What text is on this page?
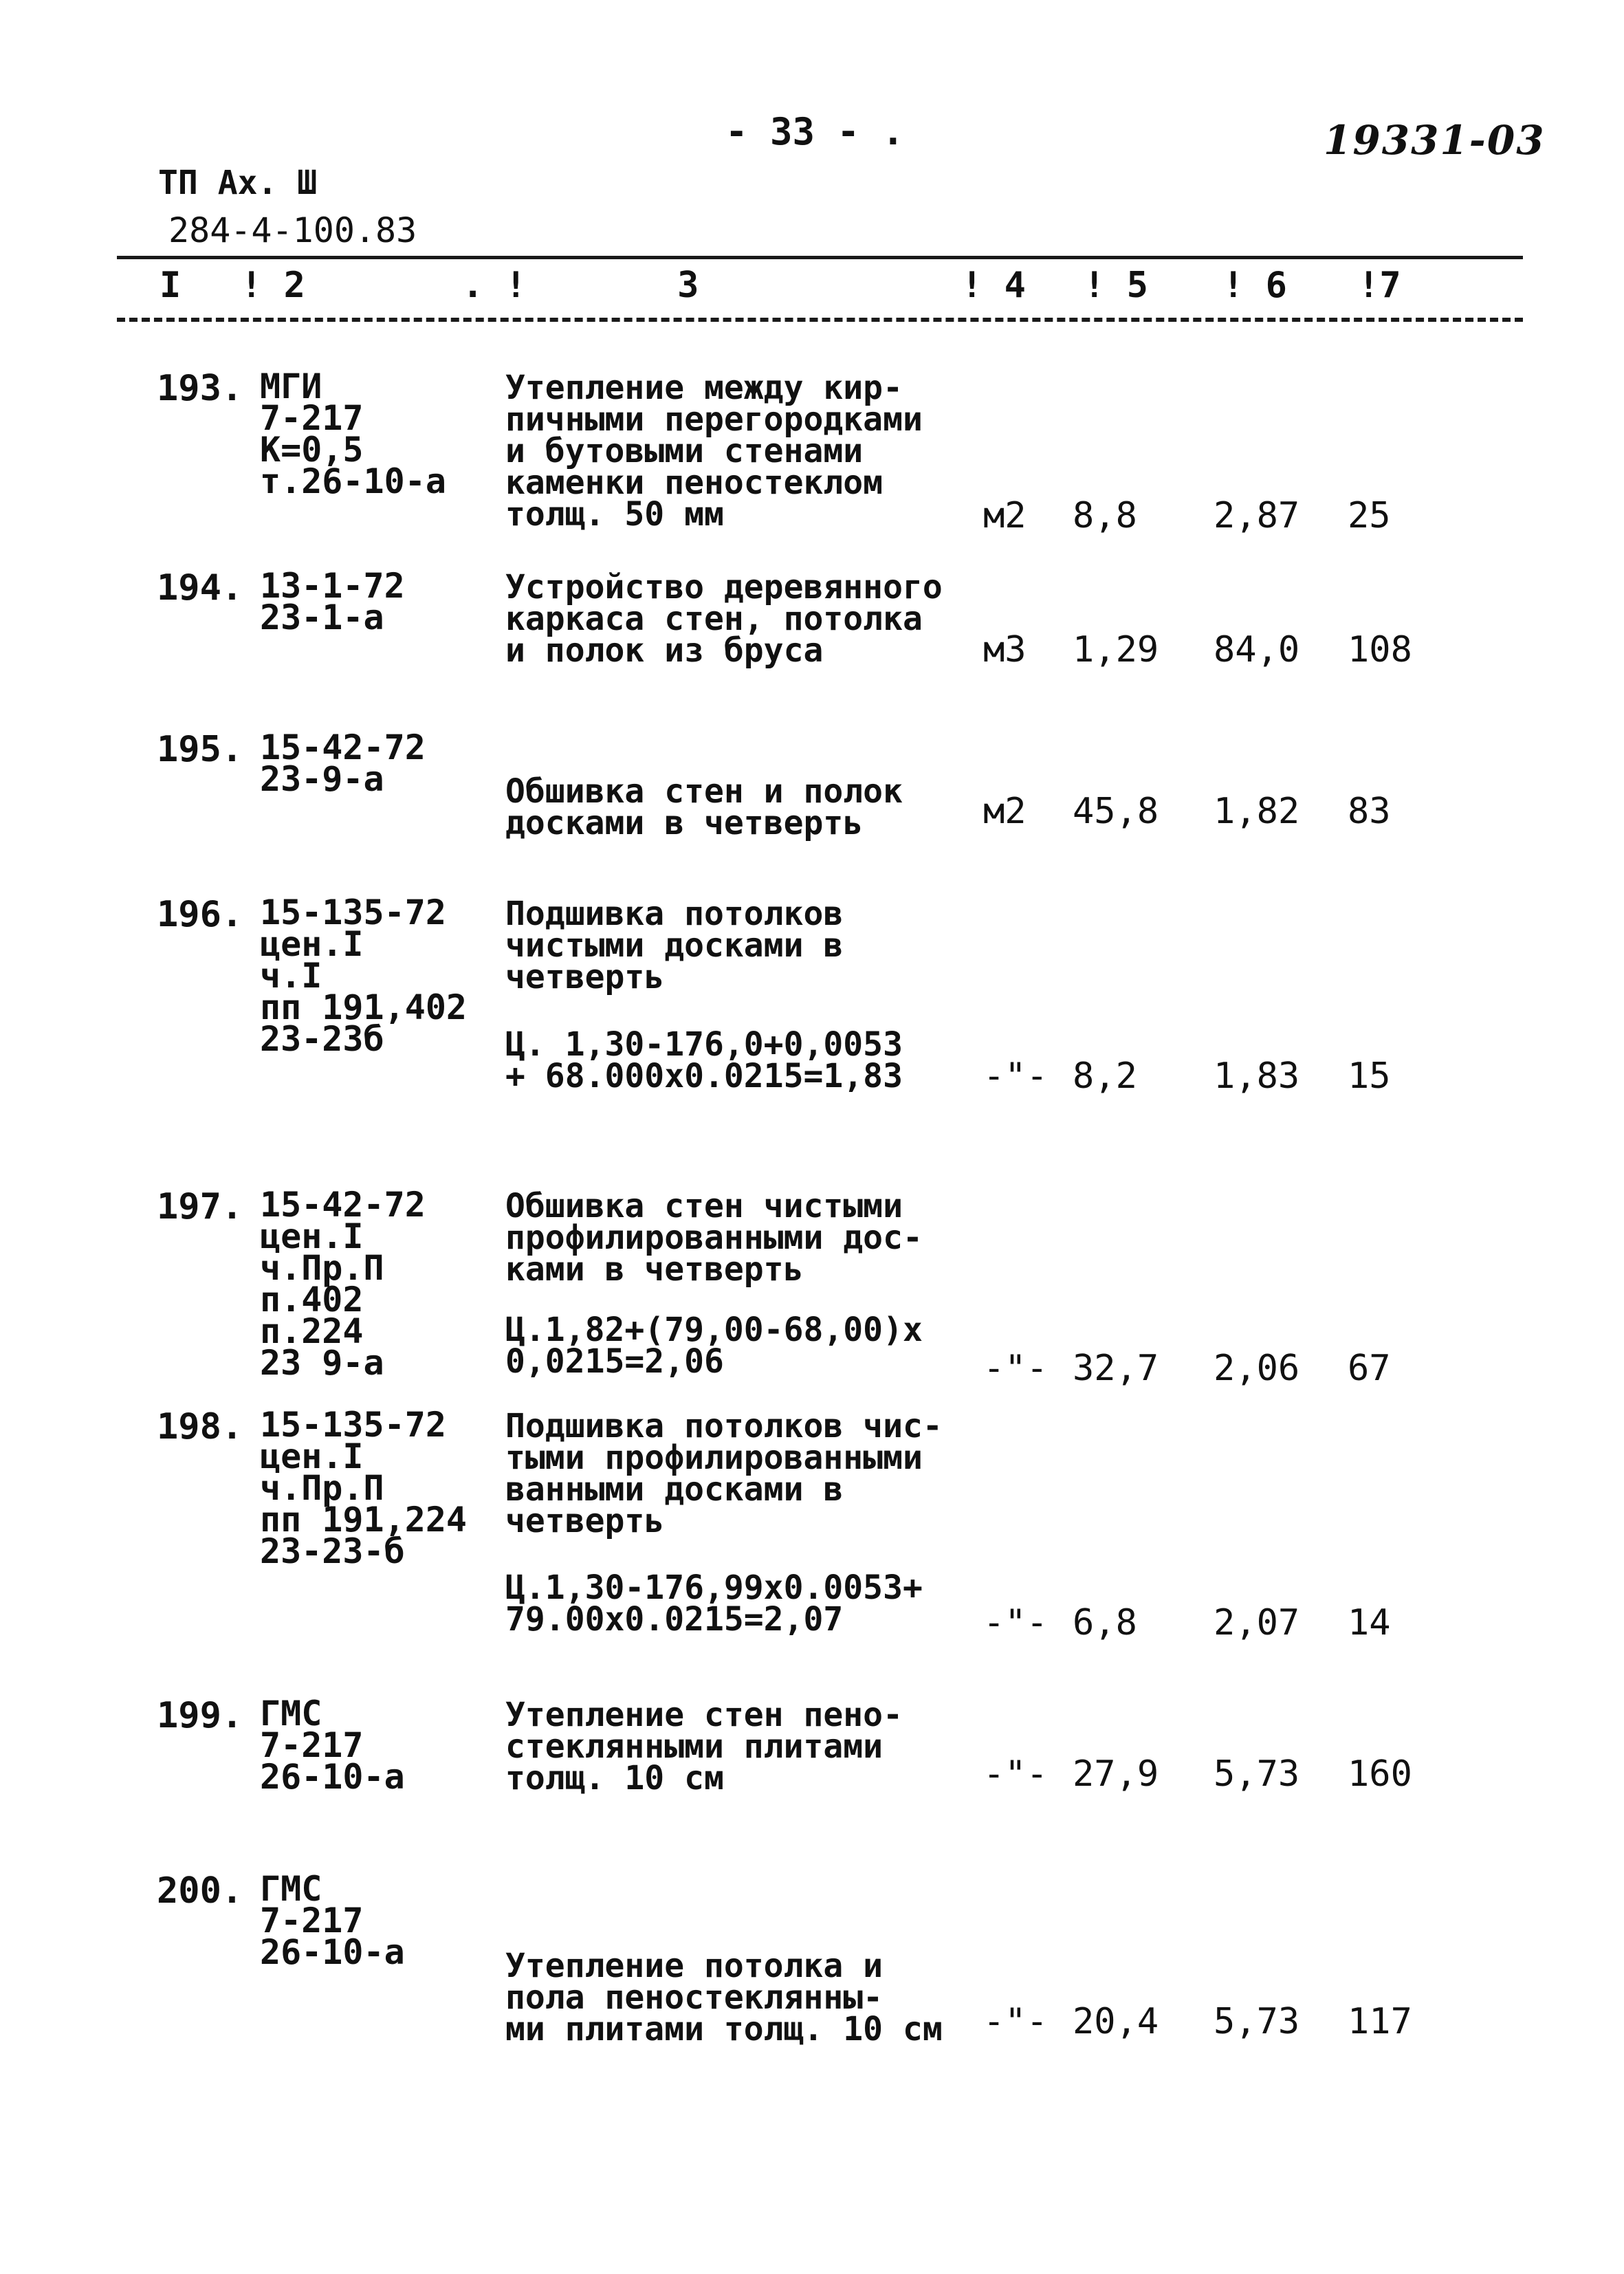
- 33 - .	19331-03
ТП Ах. Ш
284-4-100.83
I ! 2	. !       3	! 4 ! 5 ! 6 !7
193. МГИ
7-217
К=0,5
т.26-10-а
Утепление между кир-
пичными перегородками
и бутовыми стенами
каменки пеностеклом
толщ. 50 мм	м2 8,8 2,87 25
194. 13-1-72
23-1-а
Устройство деревянного
каркаса стен, потолка
и полок из бруса	м3 1,29 84,0 108
195. 15-42-72
23-9-а	Обшивка стен и полок
досками в четверть	м2 45,8 1,82 83
196. 15-135-72
цен.I
ч.I
пп 191,402
23-23б
Подшивка потолков
чистыми досками в
четверть
Ц. 1,30-176,0+0,0053
+ 68.000х0.0215=1,83 -"- 8,2 1,83 15
197. 15-42-72
цен.I
ч.Пр.П
п.402
п.224
23 9-а
Обшивка стен чистыми
профилированными дос-
ками в четверть
Ц.1,82+(79,00-68,00)х
0,0215=2,06	-"- 32,7 2,06 67
198. 15-135-72
цен.I
ч.Пр.П
пп 191,224
23-23-б
Подшивка потолков чис-
тыми профилированными
ванными досками в
четверть
Ц.1,30-176,99х0.0053+
79.00х0.0215=2,07	-"- 6,8 2,07 14
199. ГМС
7-217
26-10-а
Утепление стен пено-
стеклянными плитами
толщ. 10 см	-"- 27,9 5,73 160
200. ГМС
7-217
26-10-а	Утепление потолка и
пола пеностеклянны-
ми плитами толщ. 10 см -"- 20,4 5,73 117
